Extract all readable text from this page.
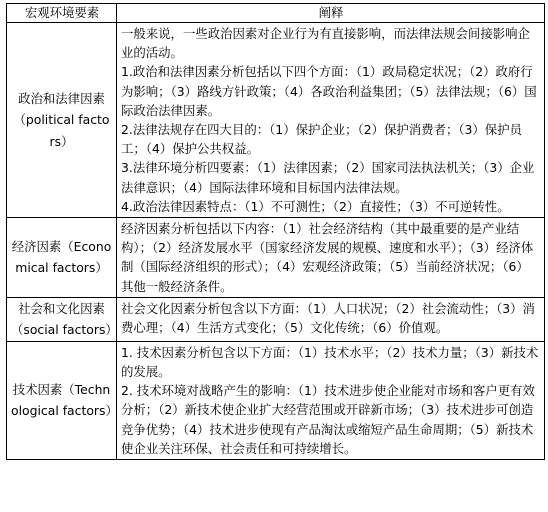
宏观环境要素	阐释
政治和法律因素（political factors）	一般来说，一些政治因素对企业行为有直接影响，而法律法规会间接影响企业的活动。
1.政治和法律因素分析包括以下四个方面：（1）政局稳定状况；（2）政府行为影响；（3）路线方针政策；（4）各政治利益集团；（5）法律法规；（6）国际政治法律因素。
2.法律法规存在四大目的：（1）保护企业；（2）保护消费者；（3）保护员工；（4）保护公共权益。
3.法律环境分析四要素：（1）法律因素；（2）国家司法执法机关；（3）企业法律意识；（4）国际法律环境和目标国内法律法规。
4.政治法律因素特点：（1）不可测性；（2）直接性；（3）不可逆转性。

经济因素（Economical factors）	经济因素分析包括以下内容：（1）社会经济结构（其中最重要的是产业结构）；（2）经济发展水平（国家经济发展的规模、速度和水平）；（3）经济体制（国际经济组织的形式）；（4）宏观经济政策；（5）当前经济状况；（6）其他一般经济条件。

社会和文化因素（social factors）	社会文化因素分析包含以下方面：（1）人口状况；（2）社会流动性；（3）消费心理；（4）生活方式变化；（5）文化传统；（6）价值观。

技术因素（Technological factors）	1. 技术因素分析包含以下方面：（1）技术水平；（2）技术力量；（3）新技术的发展。
2. 技术环境对战略产生的影响：（1）技术进步使企业能对市场和客户更有效分析；（2）新技术使企业扩大经营范围或开辟新市场；（3）技术进步可创造竞争优势；（4）技术进步使现有产品淘汰或缩短产品生命周期；（5）新技术使企业关注环保、社会责任和可持续增长。
